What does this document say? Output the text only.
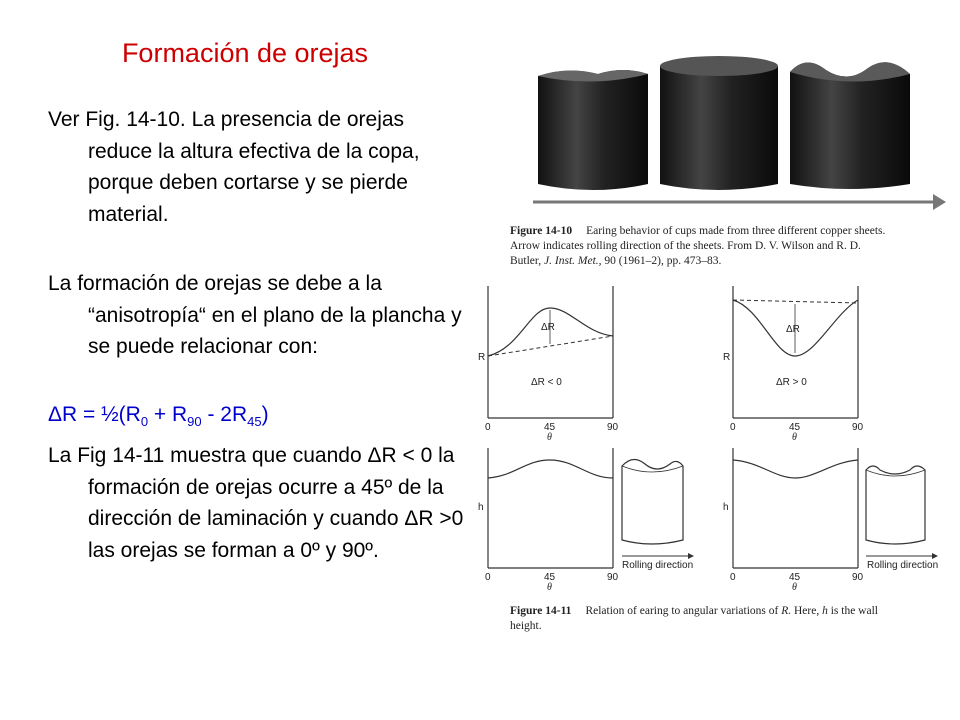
Formación de orejas
Ver Fig. 14-10. La presencia de orejas reduce la altura efectiva de la copa, porque deben cortarse y se pierde material.
La formación de orejas se debe a la “anisotropía“ en el plano de la plancha y se puede relacionar con:
$\Delta R = \frac{1}{2}(R_0 + R_{90} - 2R_{45})$
La Fig 14-11 muestra que cuando ΔR < 0 la formación de orejas ocurre a 45º de la dirección de laminación y cuando ΔR >0 las orejas se forman a 0º y 90º.
Figure 14-10 Earing behavior of cups made from three different copper sheets.
Arrow indicates rolling direction of the sheets. From D. V. Wilson and R. D.
Butler, J. Inst. Met., 90 (1961–2), pp. 473–83.
ΔR
ΔR < 0
R
0	45	90
θ
ΔR
ΔR > 0
R
0	45	90
θ
h
0	45	90
θ
Rolling direction
h
0	45	90
θ
Rolling direction
Figure 14-11 Relation of earing to angular variations of R. Here, h is the wall
height.
